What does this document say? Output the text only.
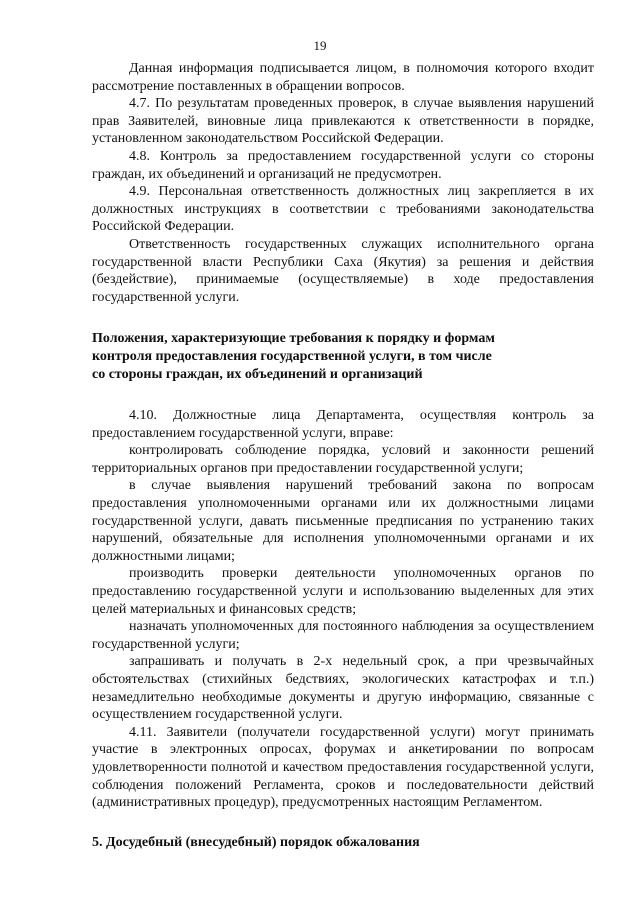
19

Данная информация подписывается лицом, в полномочия которого входит рассмотрение поставленных в обращении вопросов.

4.7. По результатам проведенных проверок, в случае выявления нарушений прав Заявителей, виновные лица привлекаются к ответственности в порядке, установленном законодательством Российской Федерации.

4.8. Контроль за предоставлением государственной услуги со стороны граждан, их объединений и организаций не предусмотрен.

4.9. Персональная ответственность должностных лиц закрепляется в их должностных инструкциях в соответствии с требованиями законодательства Российской Федерации.

Ответственность государственных служащих исполнительного органа государственной власти Республики Саха (Якутия) за решения и действия (бездействие), принимаемые (осуществляемые) в ходе предоставления государственной услуги.

Положения, характеризующие требования к порядку и формам
контроля предоставления государственной услуги, в том числе
со стороны граждан, их объединений и организаций

4.10. Должностные лица Департамента, осуществляя контроль за предоставлением государственной услуги, вправе:

контролировать соблюдение порядка, условий и законности решений территориальных органов при предоставлении государственной услуги;

в случае выявления нарушений требований закона по вопросам предоставления уполномоченными органами или их должностными лицами государственной услуги, давать письменные предписания по устранению таких нарушений, обязательные для исполнения уполномоченными органами и их должностными лицами;

производить проверки деятельности уполномоченных органов по предоставлению государственной услуги и использованию выделенных для этих целей материальных и финансовых средств;

назначать уполномоченных для постоянного наблюдения за осуществлением государственной услуги;

запрашивать и получать в 2-х недельный срок, а при чрезвычайных обстоятельствах (стихийных бедствиях, экологических катастрофах и т.п.) незамедлительно необходимые документы и другую информацию, связанные с осуществлением государственной услуги.

4.11. Заявители (получатели государственной услуги) могут принимать участие в электронных опросах, форумах и анкетировании по вопросам удовлетворенности полнотой и качеством предоставления государственной услуги, соблюдения положений Регламента, сроков и последовательности действий (административных процедур), предусмотренных настоящим Регламентом.

5. Досудебный (внесудебный) порядок обжалования
